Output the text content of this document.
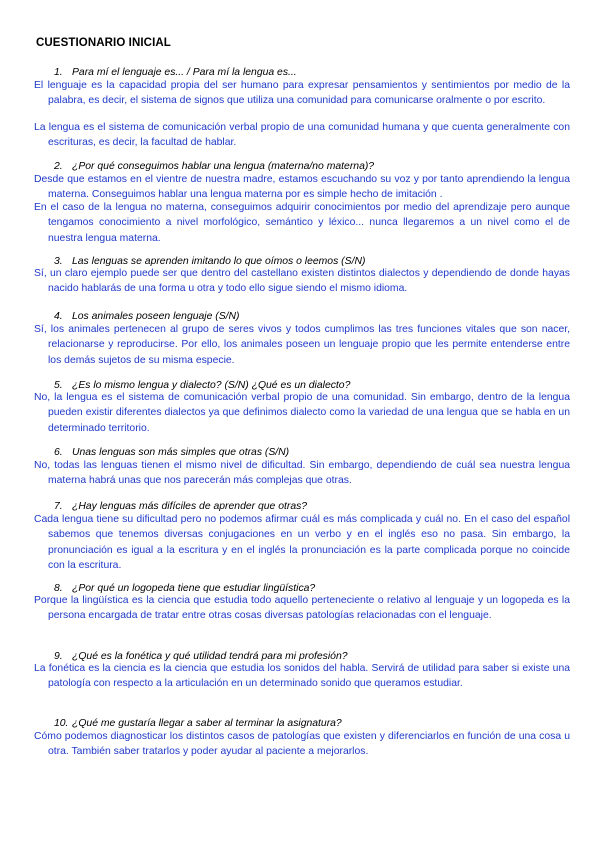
CUESTIONARIO INICIAL
1. Para mí el lenguaje es... / Para mí la lengua es...
El lenguaje es la capacidad propia del ser humano para expresar pensamientos y sentimientos por medio de la palabra, es decir, el sistema de signos que utiliza una comunidad para comunicarse oralmente o por escrito.
La lengua es el sistema de comunicación verbal propio de una comunidad humana y que cuenta generalmente con escrituras, es decir, la facultad de hablar.
2. ¿Por qué conseguimos hablar una lengua (materna/no materna)?
Desde que estamos en el vientre de nuestra madre, estamos escuchando su voz y por tanto aprendiendo la lengua materna. Conseguimos hablar una lengua materna por es simple hecho de imitación .
En el caso de la lengua no materna, conseguimos adquirir conocimientos por medio del aprendizaje pero aunque tengamos conocimiento a nivel morfológico, semántico y léxico... nunca llegaremos a un nivel como el de nuestra lengua materna.
3. Las lenguas se aprenden imitando lo que oímos o leemos (S/N)
Sí, un claro ejemplo puede ser que dentro del castellano existen distintos dialectos y dependiendo de donde hayas nacido hablarás de una forma u otra y todo ello sigue siendo el mismo idioma.
4. Los animales poseen lenguaje (S/N)
Sí, los animales pertenecen al grupo de seres vivos y todos cumplimos las tres funciones vitales que son nacer, relacionarse y reproducirse. Por ello, los animales poseen un lenguaje propio que les permite entenderse entre los demás sujetos de su misma especie.
5. ¿Es lo mismo lengua y dialecto? (S/N) ¿Qué es un dialecto?
No, la lengua es el sistema de comunicación verbal propio de una comunidad. Sin embargo, dentro de la lengua pueden existir diferentes dialectos ya que definimos dialecto como la variedad de una lengua que se habla en un determinado territorio.
6. Unas lenguas son más simples que otras (S/N)
No, todas las lenguas tienen el mismo nivel de dificultad. Sin embargo, dependiendo de cuál sea nuestra lengua materna habrá unas que nos parecerán más complejas que otras.
7. ¿Hay lenguas más difíciles de aprender que otras?
Cada lengua tiene su dificultad pero no podemos afirmar cuál es más complicada y cuál no. En el caso del español sabemos que tenemos diversas conjugaciones en un verbo y en el inglés eso no pasa. Sin embargo, la pronunciación es igual a la escritura y en el inglés la pronunciación es la parte complicada porque no coincide con la escritura.
8. ¿Por qué un logopeda tiene que estudiar lingüística?
Porque la lingüística es la ciencia que estudia todo aquello perteneciente o relativo al lenguaje y un logopeda es la persona encargada de tratar entre otras cosas diversas patologías relacionadas con el lenguaje.
9. ¿Qué es la fonética y qué utilidad tendrá para mi profesión?
La fonética es la ciencia es la ciencia que estudia los sonidos del habla. Servirá de utilidad para saber si existe una patología con respecto a la articulación en un determinado sonido que queramos estudiar.
10. ¿Qué me gustaría llegar a saber al terminar la asignatura?
Cómo podemos diagnosticar los distintos casos de patologías que existen y diferenciarlos en función de una cosa u otra. También saber tratarlos y poder ayudar al paciente a mejorarlos.
